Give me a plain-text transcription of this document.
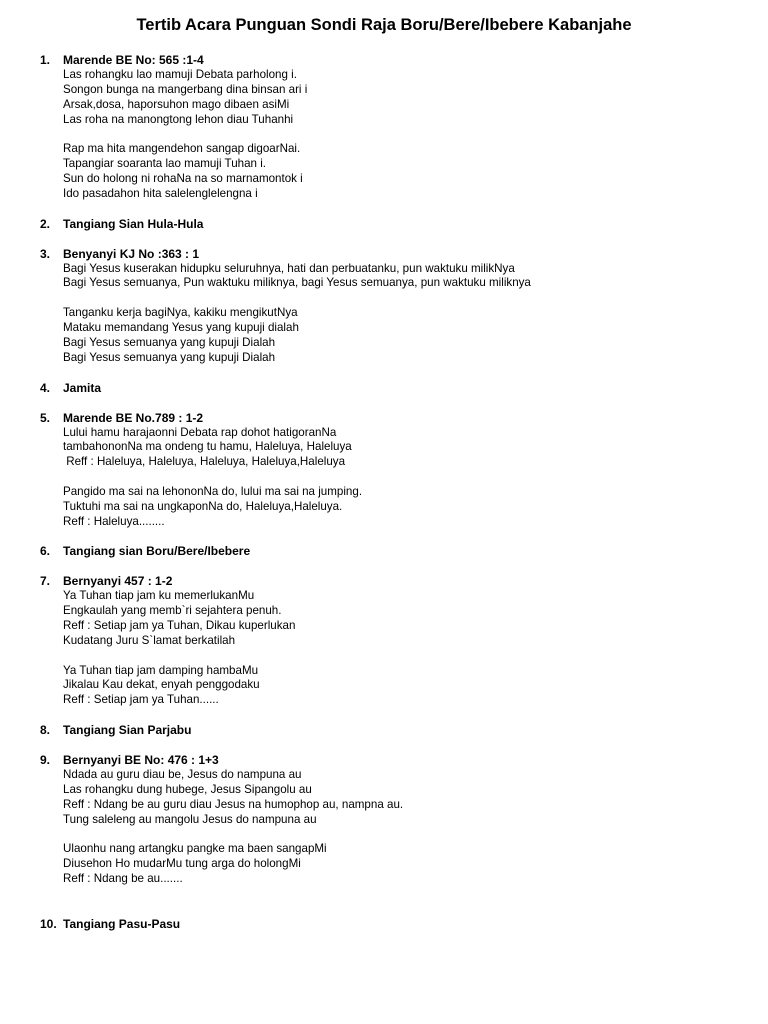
Tertib Acara Punguan Sondi Raja Boru/Bere/Ibebere Kabanjahe
1.	Marende BE No: 565 :1-4
Las rohangku lao mamuji Debata parholong i.
Songon bunga na mangerbang dina binsan ari i
Arsak,dosa, haporsuhon mago dibaen asiMi
Las roha na manongtong lehon diau Tuhanhi
Rap ma hita mangendehon sangap digoarNai.
Tapangiar soaranta lao mamuji Tuhan i.
Sun do holong ni rohaNa na so marnamontok i
Ido pasadahon hita salelenglelengna i
2.	Tangiang Sian Hula-Hula
3.	Benyanyi KJ No :363 : 1
Bagi Yesus kuserakan hidupku seluruhnya, hati dan perbuatanku, pun waktuku milikNya
Bagi Yesus semuanya, Pun waktuku miliknya, bagi Yesus semuanya, pun waktuku miliknya
Tanganku kerja bagiNya, kakiku mengikutNya
Mataku memandang Yesus yang kupuji dialah
Bagi Yesus semuanya yang kupuji Dialah
Bagi Yesus semuanya yang kupuji Dialah
4.	Jamita
5.	Marende BE No.789 : 1-2
Lului hamu harajaonni Debata rap dohot hatigoranNa
tambahononNa ma ondeng tu hamu, Haleluya, Haleluya
Reff : Haleluya, Haleluya, Haleluya, Haleluya,Haleluya
Pangido ma sai na lehononNa do, lului ma sai na jumping.
Tuktuhi ma sai na ungkaponNa do, Haleluya,Haleluya.
Reff : Haleluya........
6.	Tangiang sian Boru/Bere/Ibebere
7.	Bernyanyi 457 : 1-2
Ya Tuhan tiap jam ku memerlukanMu
Engkaulah yang memb`ri sejahtera penuh.
Reff : Setiap jam ya Tuhan, Dikau kuperlukan
Kudatang Juru S`lamat berkatilah
Ya Tuhan tiap jam damping hambaMu
Jikalau Kau dekat, enyah penggodaku
Reff : Setiap jam ya Tuhan......
8.	Tangiang Sian Parjabu
9.	Bernyanyi BE No: 476 : 1+3
Ndada au guru diau be, Jesus do nampuna au
Las rohangku dung hubege, Jesus Sipangolu au
Reff : Ndang be au guru diau Jesus na humophop au, nampna au.
Tung saleleng au mangolu Jesus do nampuna au
Ulaonhu nang artangku pangke ma baen sangapMi
Diusehon Ho mudarMu tung arga do holongMi
Reff : Ndang be au.......
10. Tangiang Pasu-Pasu
